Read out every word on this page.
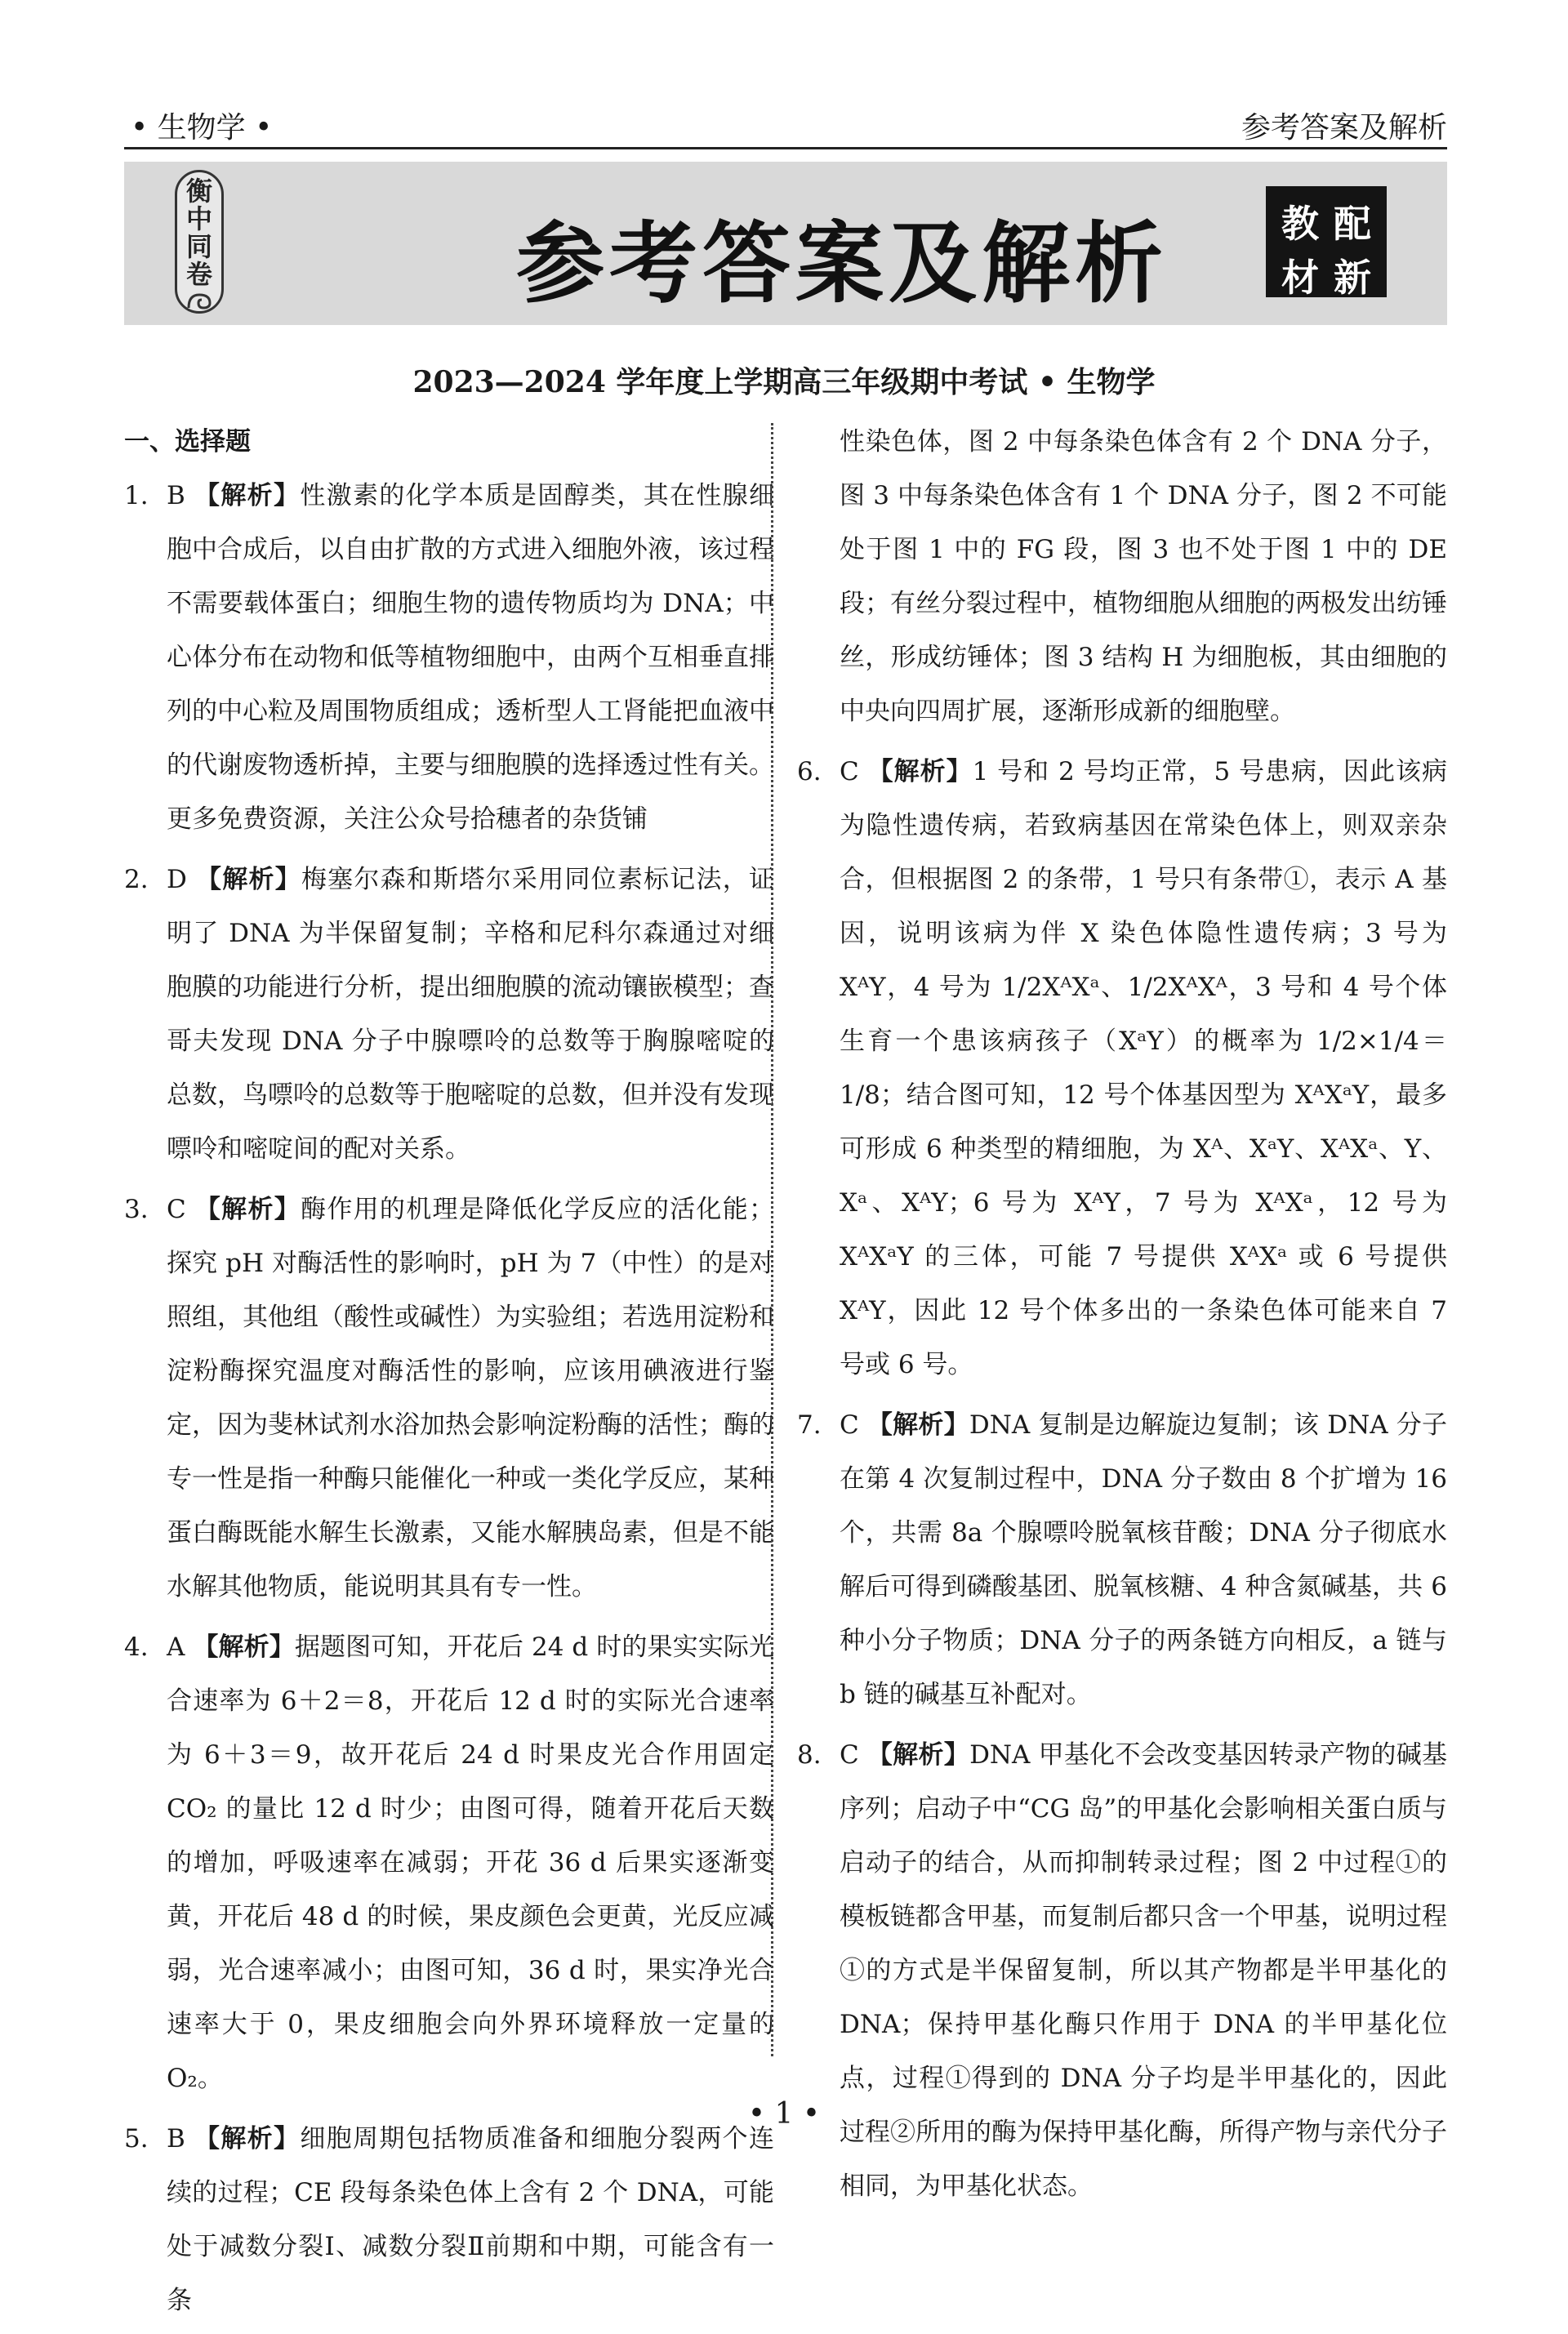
• 生物学 •	参考答案及解析
衡
中
同
卷	参考答案及解析	教 配
材 新
2023—2024 学年度上学期高三年级期中考试 • 生物学
一、选择题
1. B 【解析】性激素的化学本质是固醇类，其在性腺细胞中合成后，以自由扩散的方式进入细胞外液，该过程不需要载体蛋白；细胞生物的遗传物质均为 DNA；中心体分布在动物和低等植物细胞中，由两个互相垂直排列的中心粒及周围物质组成；透析型人工肾能把血液中的代谢废物透析掉，主要与细胞膜的选择透过性有关。更多免费资源，关注公众号拾穗者的杂货铺
2. D 【解析】梅塞尔森和斯塔尔采用同位素标记法，证明了 DNA 为半保留复制；辛格和尼科尔森通过对细胞膜的功能进行分析，提出细胞膜的流动镶嵌模型；查哥夫发现 DNA 分子中腺嘌呤的总数等于胸腺嘧啶的总数，鸟嘌呤的总数等于胞嘧啶的总数，但并没有发现嘌呤和嘧啶间的配对关系。
3. C 【解析】酶作用的机理是降低化学反应的活化能；探究 pH 对酶活性的影响时，pH 为 7（中性）的是对照组，其他组（酸性或碱性）为实验组；若选用淀粉和淀粉酶探究温度对酶活性的影响，应该用碘液进行鉴定，因为斐林试剂水浴加热会影响淀粉酶的活性；酶的专一性是指一种酶只能催化一种或一类化学反应，某种蛋白酶既能水解生长激素，又能水解胰岛素，但是不能水解其他物质，能说明其具有专一性。
4. A 【解析】据题图可知，开花后 24 d 时的果实实际光合速率为 6＋2＝8，开花后 12 d 时的实际光合速率为 6＋3＝9，故开花后 24 d 时果皮光合作用固定 CO₂ 的量比 12 d 时少；由图可得，随着开花后天数的增加，呼吸速率在减弱；开花 36 d 后果实逐渐变黄，开花后 48 d 的时候，果皮颜色会更黄，光反应减弱，光合速率减小；由图可知，36 d 时，果实净光合速率大于 0，果皮细胞会向外界环境释放一定量的 O₂。
5. B 【解析】细胞周期包括物质准备和细胞分裂两个连续的过程；CE 段每条染色体上含有 2 个 DNA，可能处于减数分裂Ⅰ、减数分裂Ⅱ前期和中期，可能含有一条
性染色体，图 2 中每条染色体含有 2 个 DNA 分子，图 3 中每条染色体含有 1 个 DNA 分子，图 2 不可能处于图 1 中的 FG 段，图 3 也不处于图 1 中的 DE 段；有丝分裂过程中，植物细胞从细胞的两极发出纺锤丝，形成纺锤体；图 3 结构 H 为细胞板，其由细胞的中央向四周扩展，逐渐形成新的细胞壁。
6. C 【解析】1 号和 2 号均正常，5 号患病，因此该病为隐性遗传病，若致病基因在常染色体上，则双亲杂合，但根据图 2 的条带，1 号只有条带①，表示 A 基因，说明该病为伴 X 染色体隐性遗传病；3 号为 XᴬY，4 号为 1/2XᴬXᵃ、1/2XᴬXᴬ，3 号和 4 号个体生育一个患该病孩子（XᵃY）的概率为 1/2×1/4＝1/8；结合图可知，12 号个体基因型为 XᴬXᵃY，最多可形成 6 种类型的精细胞，为 Xᴬ、XᵃY、XᴬXᵃ、Y、Xᵃ、XᴬY；6 号为 XᴬY，7 号为 XᴬXᵃ，12 号为 XᴬXᵃY 的三体，可能 7 号提供 XᴬXᵃ 或 6 号提供 XᴬY，因此 12 号个体多出的一条染色体可能来自 7 号或 6 号。
7. C 【解析】DNA 复制是边解旋边复制；该 DNA 分子在第 4 次复制过程中，DNA 分子数由 8 个扩增为 16 个，共需 8a 个腺嘌呤脱氧核苷酸；DNA 分子彻底水解后可得到磷酸基团、脱氧核糖、4 种含氮碱基，共 6 种小分子物质；DNA 分子的两条链方向相反，a 链与 b 链的碱基互补配对。
8. C 【解析】DNA 甲基化不会改变基因转录产物的碱基序列；启动子中“CG 岛”的甲基化会影响相关蛋白质与启动子的结合，从而抑制转录过程；图 2 中过程①的模板链都含甲基，而复制后都只含一个甲基，说明过程①的方式是半保留复制，所以其产物都是半甲基化的 DNA；保持甲基化酶只作用于 DNA 的半甲基化位点，过程①得到的 DNA 分子均是半甲基化的，因此过程②所用的酶为保持甲基化酶，所得产物与亲代分子相同，为甲基化状态。
• 1 •
